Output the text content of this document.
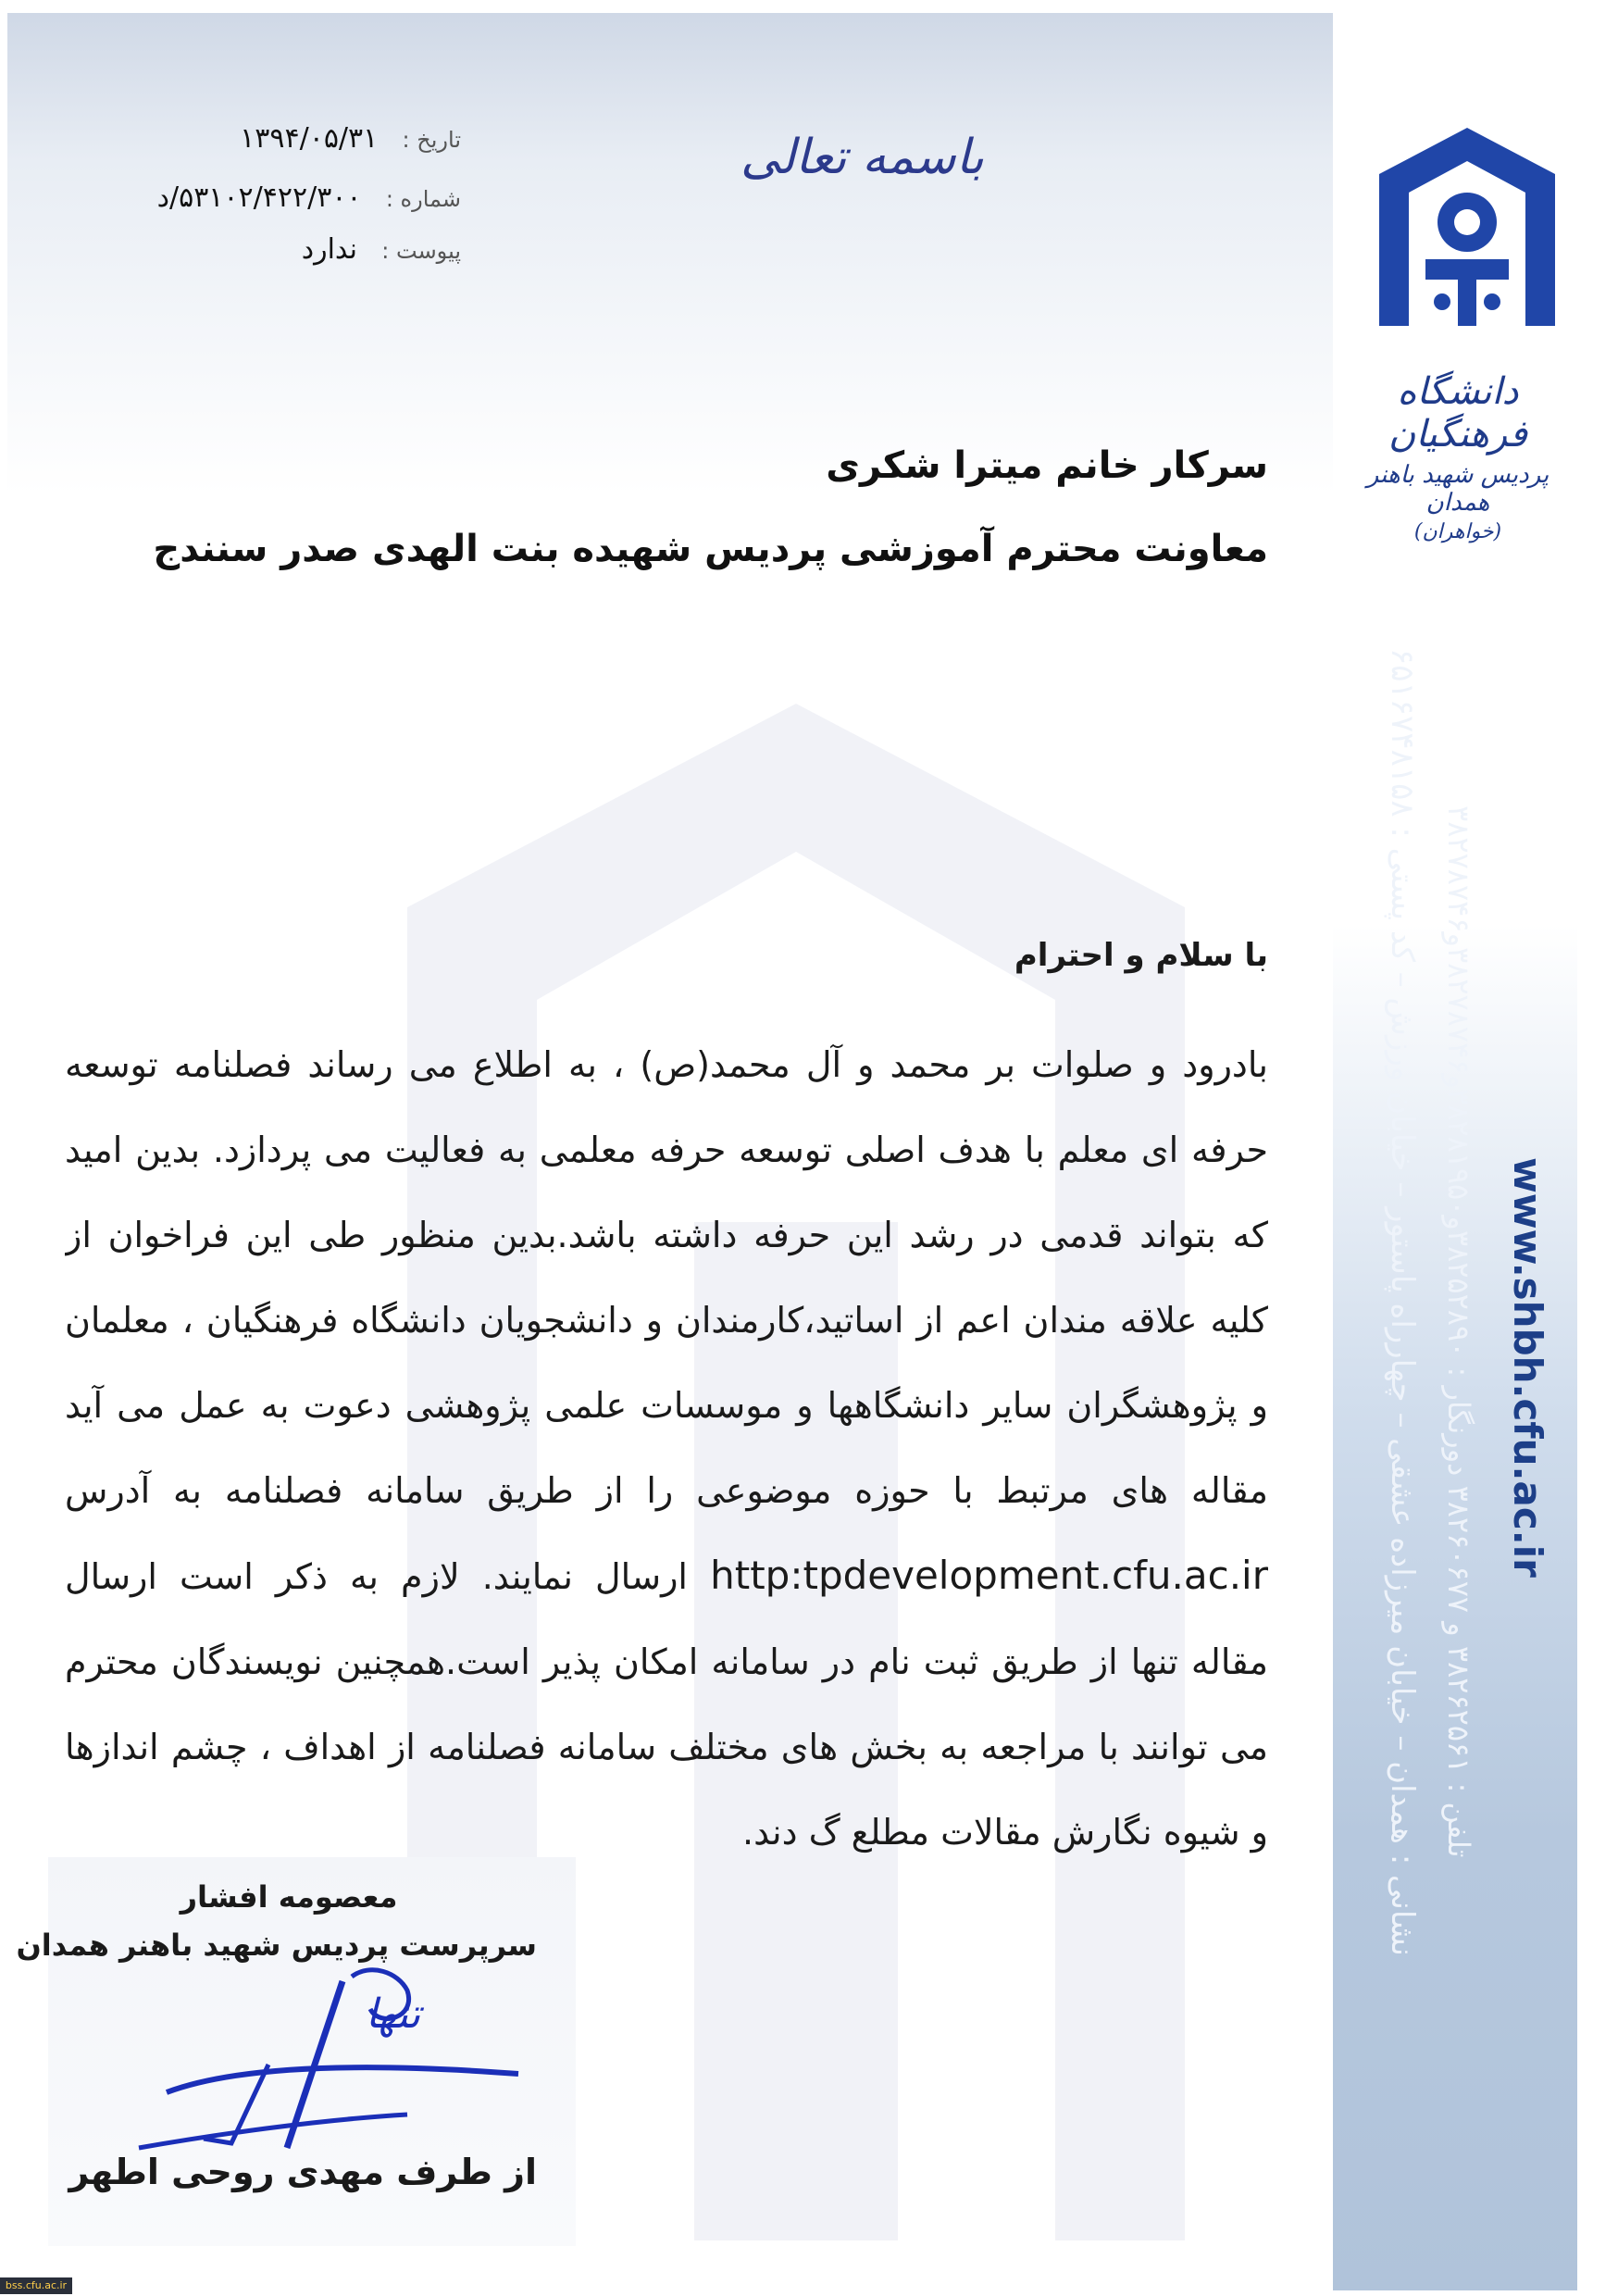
تاریخ : ۱۳۹۴/۰۵/۳۱
شماره : ۵۳۱۰۲/۴۲۲/۳۰۰/د
پیوست : ندارد
باسمه تعالی
دانشگاه فرهنگیان
پردیس شهید باهنر همدان
(خواهران)
نشانی : همدان – خیابان میرزاده عشقی – چهارراه پاستور – خیابان ورزش – کد پستی : ۶۵۱۶۷۴۸۱۵۸ تلفن : ۳۸۲۶۲۵۶۱ و ۳۸۲۶۰۶۷۷ دورنگار : ۳۸۲۵۲۸۹۰و۳۸۲۸۱۹۵۰و۳۸۲۷۸۷۴۶و۳۸۲۷۸۷۴۶
www.shbh.cfu.ac.ir
سرکار خانم میترا شکری
معاونت محترم آموزشی پردیس شهیده بنت الهدی صدر سنندج
با سلام و احترام
بادرود و صلوات بر محمد و آل محمد(ص) ، به اطلاع می رساند فصلنامه توسعه حرفه ای معلم با هدف اصلی توسعه حرفه معلمی به فعالیت می پردازد. بدین امید که بتواند قدمی در رشد این حرفه داشته باشد.بدین منظور طی این فراخوان از کلیه علاقه مندان اعم از اساتید،کارمندان و دانشجویان دانشگاه فرهنگیان ، معلمان و پژوهشگران سایر دانشگاهها و موسسات علمی پژوهشی دعوت به عمل می آید مقاله های مرتبط با حوزه موضوعی را از طریق سامانه فصلنامه به آدرس http:tpdevelopment.cfu.ac.ir ارسال نمایند. لازم به ذکر است ارسال مقاله تنها از طریق ثبت نام در سامانه امکان پذیر است.همچنین نویسندگان محترم می توانند با مراجعه به بخش های مختلف سامانه فصلنامه از اهداف ، چشم اندازها و شیوه نگارش مقالات مطلع گ دند.
معصومه افشار
سرپرست پردیس شهید باهنر همدان
تنها
از طرف مهدی روحی اطهر
bss.cfu.ac.ir
